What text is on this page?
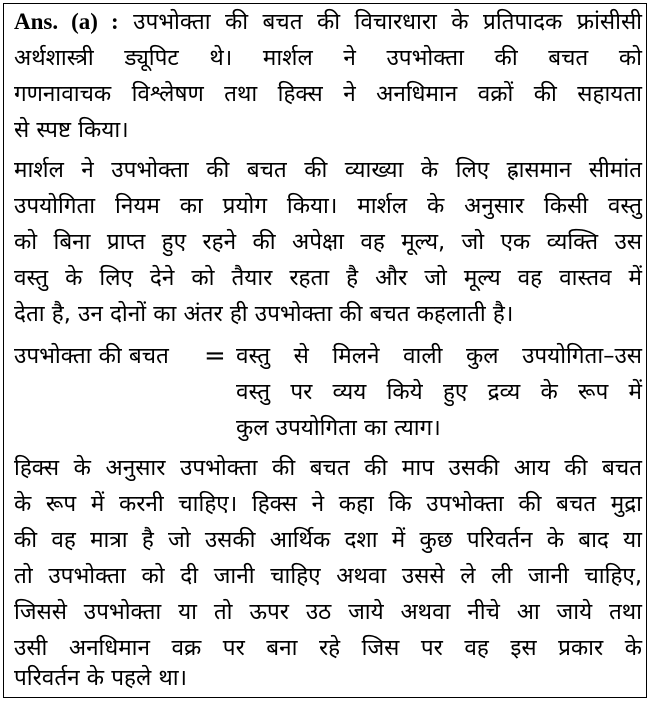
Ans. (a) : उपभोक्ता की बचत की विचारधारा के प्रतिपादक फ्रांसीसी
अर्थशास्त्री ड्यूपिट थे। मार्शल ने उपभोक्ता की बचत को
गणनावाचक विश्लेषण तथा हिक्स ने अनधिमान वक्रों की सहायता
से स्पष्ट किया।
मार्शल ने उपभोक्ता की बचत की व्याख्या के लिए ह्रासमान सीमांत
उपयोगिता नियम का प्रयोग किया। मार्शल के अनुसार किसी वस्तु
को बिना प्राप्त हुए रहने की अपेक्षा वह मूल्य, जो एक व्यक्ति उस
वस्तु के लिए देने को तैयार रहता है और जो मूल्य वह वास्तव में
देता है, उन दोनों का अंतर ही उपभोक्ता की बचत कहलाती है।
उपभोक्ता की बचत = वस्तु से मिलने वाली कुल उपयोगिता–उस
वस्तु पर व्यय किये हुए द्रव्य के रूप में
कुल उपयोगिता का त्याग।
हिक्स के अनुसार उपभोक्ता की बचत की माप उसकी आय की बचत
के रूप में करनी चाहिए। हिक्स ने कहा कि उपभोक्ता की बचत मुद्रा
की वह मात्रा है जो उसकी आर्थिक दशा में कुछ परिवर्तन के बाद या
तो उपभोक्ता को दी जानी चाहिए अथवा उससे ले ली जानी चाहिए,
जिससे उपभोक्ता या तो ऊपर उठ जाये अथवा नीचे आ जाये तथा
उसी अनधिमान वक्र पर बना रहे जिस पर वह इस प्रकार के
परिवर्तन के पहले था।
